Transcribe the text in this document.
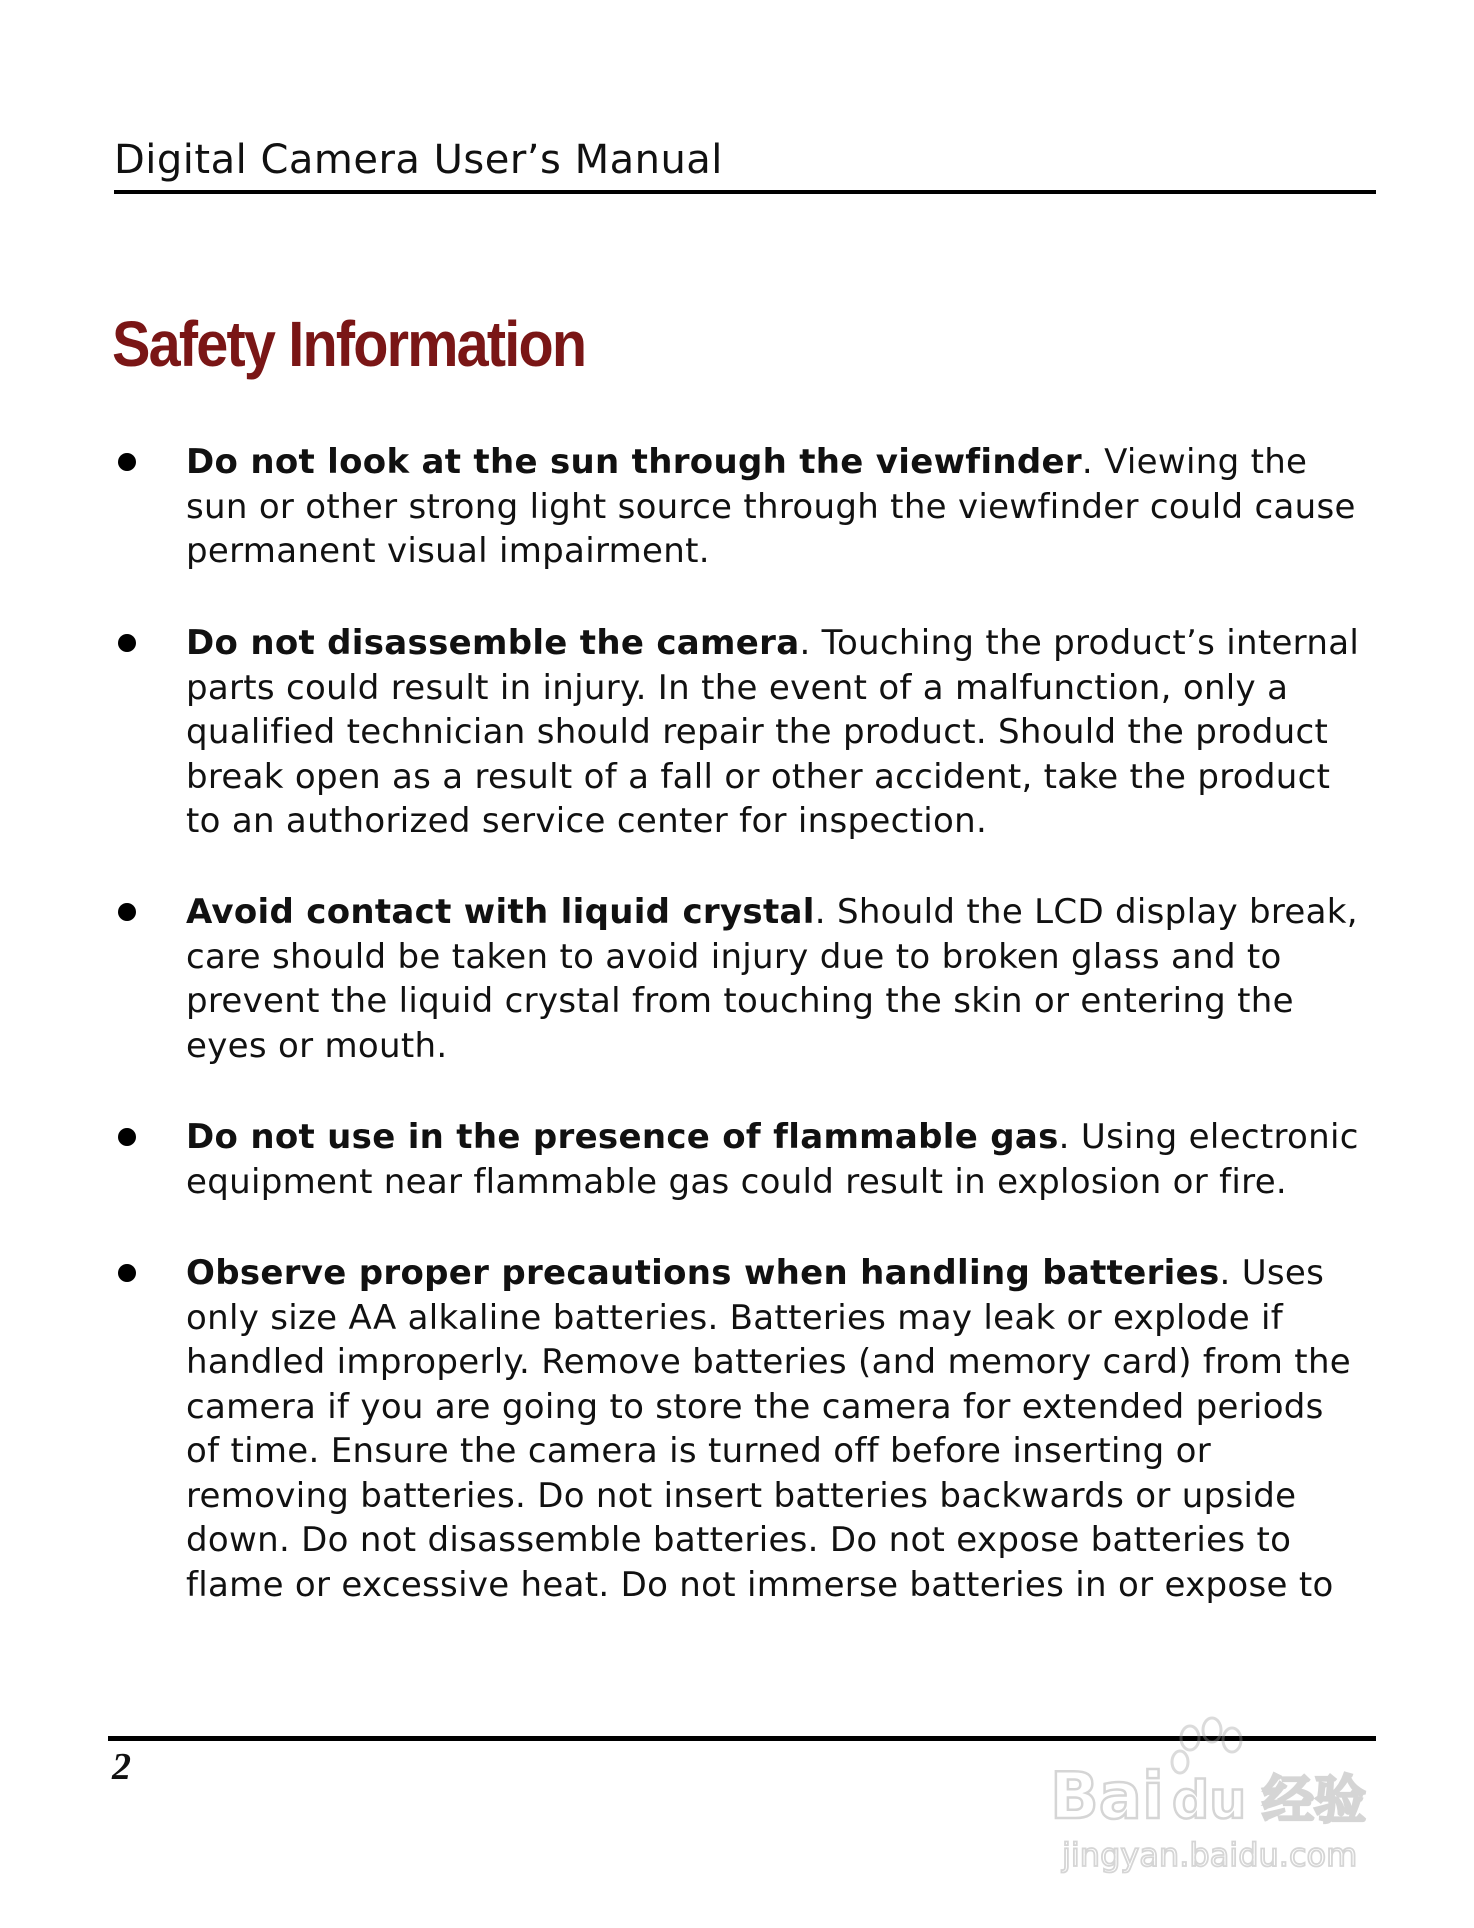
Digital Camera User’s Manual
Safety Information
Do not look at the sun through the viewfinder. Viewing the sun or other strong light source through the viewfinder could cause permanent visual impairment.
Do not disassemble the camera. Touching the product’s internal parts could result in injury. In the event of a malfunction, only a qualified technician should repair the product. Should the product break open as a result of a fall or other accident, take the product to an authorized service center for inspection.
Avoid contact with liquid crystal. Should the LCD display break, care should be taken to avoid injury due to broken glass and to prevent the liquid crystal from touching the skin or entering the eyes or mouth.
Do not use in the presence of flammable gas. Using electronic equipment near flammable gas could result in explosion or fire.
Observe proper precautions when handling batteries. Uses only size AA alkaline batteries. Batteries may leak or explode if handled improperly. Remove batteries (and memory card) from the camera if you are going to store the camera for extended periods of time. Ensure the camera is turned off before inserting or removing batteries. Do not insert batteries backwards or upside down. Do not disassemble batteries. Do not expose batteries to flame or excessive heat. Do not immerse batteries in or expose to
2	Bai du 经验
jingyan.baidu.com
